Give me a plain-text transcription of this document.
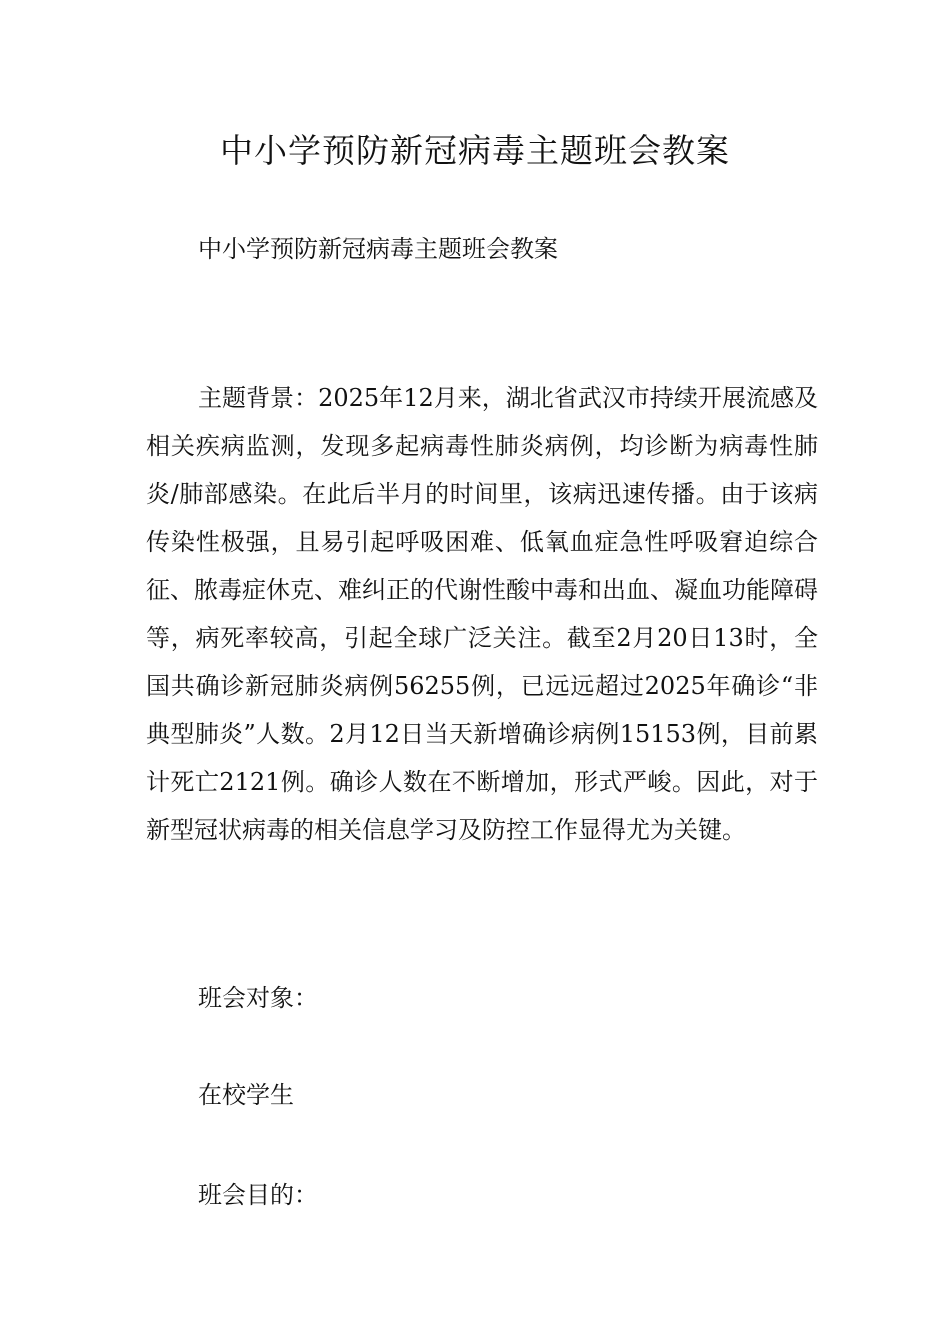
中小学预防新冠病毒主题班会教案

中小学预防新冠病毒主题班会教案

主题背景：2025年12月来，湖北省武汉市持续开展流感及相关疾病监测，发现多起病毒性肺炎病例，均诊断为病毒性肺炎/肺部感染。在此后半月的时间里，该病迅速传播。由于该病传染性极强，且易引起呼吸困难、低氧血症急性呼吸窘迫综合征、脓毒症休克、难纠正的代谢性酸中毒和出血、凝血功能障碍等，病死率较高，引起全球广泛关注。截至2月20日13时，全国共确诊新冠肺炎病例56255例，已远远超过2025年确诊“非典型肺炎”人数。2月12日当天新增确诊病例15153例，目前累计死亡2121例。确诊人数在不断增加，形式严峻。因此，对于新型冠状病毒的相关信息学习及防控工作显得尤为关键。

班会对象：

在校学生

班会目的：
